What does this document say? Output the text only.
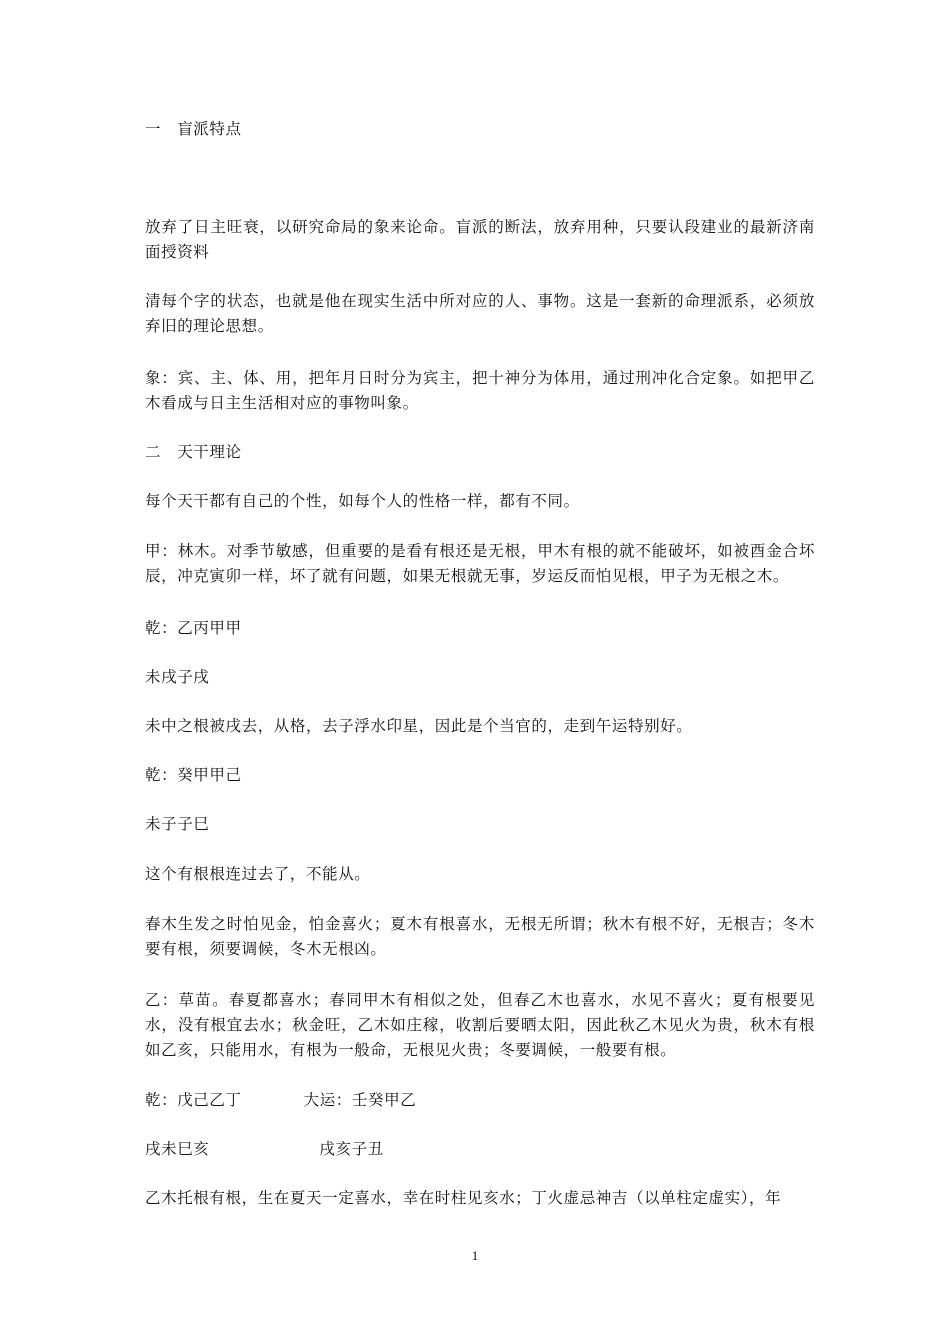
一　盲派特点

放弃了日主旺衰，以研究命局的象来论命。盲派的断法，放弃用种，只要认段建业的最新济南面授资料

清每个字的状态，也就是他在现实生活中所对应的人、事物。这是一套新的命理派系，必须放弃旧的理论思想。

象：宾、主、体、用，把年月日时分为宾主，把十神分为体用，通过刑冲化合定象。如把甲乙木看成与日主生活相对应的事物叫象。

二　天干理论

每个天干都有自己的个性，如每个人的性格一样，都有不同。

甲：林木。对季节敏感，但重要的是看有根还是无根，甲木有根的就不能破坏，如被酉金合坏辰，冲克寅卯一样，坏了就有问题，如果无根就无事，岁运反而怕见根，甲子为无根之木。

乾：乙丙甲甲

未戌子戌

未中之根被戌去，从格，去子浮水印星，因此是个当官的，走到午运特别好。

乾：癸甲甲己

未子子巳

这个有根根连过去了，不能从。

春木生发之时怕见金，怕金喜火；夏木有根喜水，无根无所谓；秋木有根不好，无根吉；冬木要有根，须要调候，冬木无根凶。

乙：草苗。春夏都喜水；春同甲木有相似之处，但春乙木也喜水，水见不喜火；夏有根要见水，没有根宜去水；秋金旺，乙木如庄稼，收割后要晒太阳，因此秋乙木见火为贵，秋木有根如乙亥，只能用水，有根为一般命，无根见火贵；冬要调候，一般要有根。

乾：戊己乙丁	大运：壬癸甲乙

戌未巳亥	戌亥子丑

乙木托根有根，生在夏天一定喜水，幸在时柱见亥水；丁火虚忌神吉（以单柱定虚实），年

1
